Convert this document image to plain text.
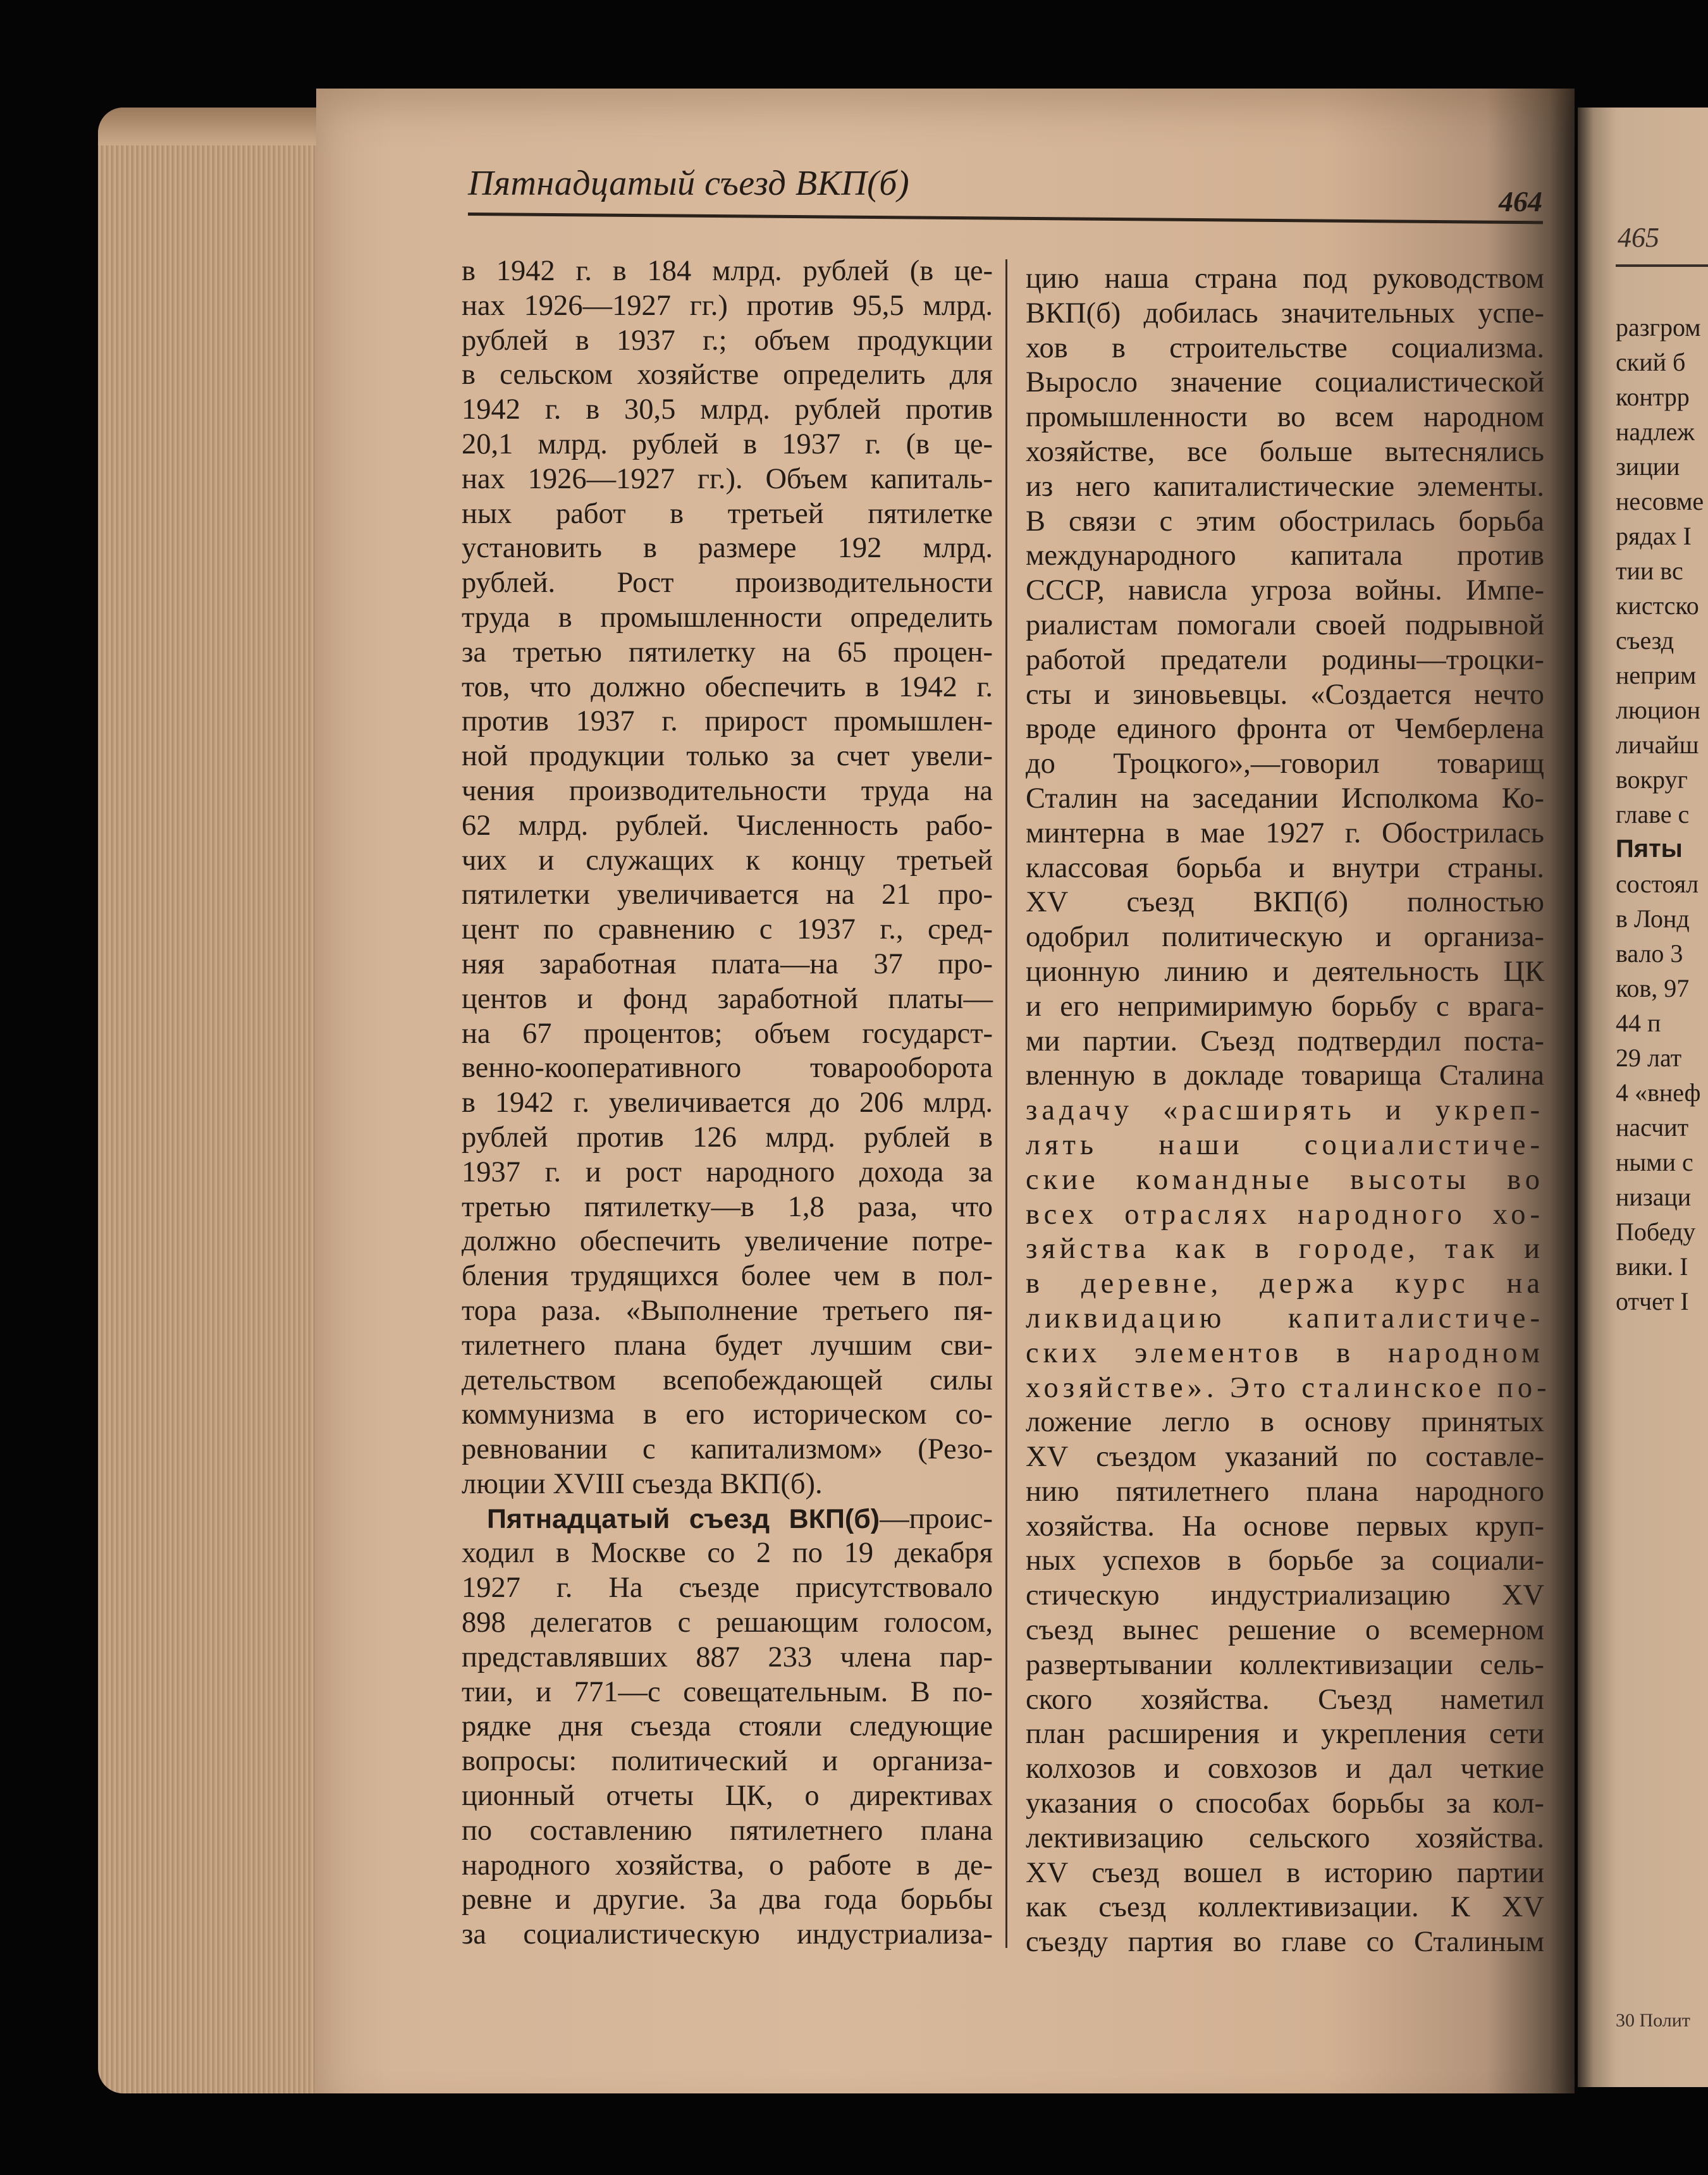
Пятнадцатый съезд ВКП(б)	464
в 1942 г. в 184 млрд. рублей (в це-
нах 1926—1927 гг.) против 95,5 млрд.
рублей в 1937 г.; объем продукции
в сельском хозяйстве определить для
1942 г. в 30,5 млрд. рублей против
20,1 млрд. рублей в 1937 г. (в це-
нах 1926—1927 гг.). Объем капиталь-
ных работ в третьей пятилетке
установить в размере 192 млрд.
рублей. Рост производительности
труда в промышленности определить
за третью пятилетку на 65 процен-
тов, что должно обеспечить в 1942 г.
против 1937 г. прирост промышлен-
ной продукции только за счет увели-
чения производительности труда на
62 млрд. рублей. Численность рабо-
чих и служащих к концу третьей
пятилетки увеличивается на 21 про-
цент по сравнению с 1937 г., сред-
няя заработная плата—на 37 про-
центов и фонд заработной платы—
на 67 процентов; объем государст-
венно-кооперативного товарооборота
в 1942 г. увеличивается до 206 млрд.
рублей против 126 млрд. рублей в
1937 г. и рост народного дохода за
третью пятилетку—в 1,8 раза, что
должно обеспечить увеличение потре-
бления трудящихся более чем в пол-
тора раза. «Выполнение третьего пя-
тилетнего плана будет лучшим сви-
детельством всепобеждающей силы
коммунизма в его историческом со-
ревновании с капитализмом» (Резо-
люции XVIII съезда ВКП(б).
Пятнадцатый съезд ВКП(б)—проис-
ходил в Москве со 2 по 19 декабря
1927 г. На съезде присутствовало
898 делегатов с решающим голосом,
представлявших 887 233 члена пар-
тии, и 771—с совещательным. В по-
рядке дня съезда стояли следующие
вопросы: политический и организа-
ционный отчеты ЦК, о директивах
по составлению пятилетнего плана
народного хозяйства, о работе в де-
ревне и другие. За два года борьбы
за социалистическую индустриализа-
цию наша страна под руководством
ВКП(б) добилась значительных успе-
хов в строительстве социализма.
Выросло значение социалистической
промышленности во всем народном
хозяйстве, все больше вытеснялись
из него капиталистические элементы.
В связи с этим обострилась борьба
международного капитала против
СССР, нависла угроза войны. Импе-
риалистам помогали своей подрывной
работой предатели родины—троцки-
сты и зиновьевцы. «Создается нечто
вроде единого фронта от Чемберлена
до Троцкого»,—говорил товарищ
Сталин на заседании Исполкома Ко-
минтерна в мае 1927 г. Обострилась
классовая борьба и внутри страны.
XV съезд ВКП(б) полностью
одобрил политическую и организа-
ционную линию и деятельность ЦК
и его непримиримую борьбу с врага-
ми партии. Съезд подтвердил поста-
вленную в докладе товарища Сталина
задачу «расширять и укреп-
лять наши социалистиче-
ские командные высоты во
всех отраслях народного хо-
зяйства как в городе, так и
в деревне, держа курс на
ликвидацию капиталистиче-
ских элементов в народном
хозяйстве». Это сталинское по-
ложение легло в основу принятых
XV съездом указаний по составле-
нию пятилетнего плана народного
хозяйства. На основе первых круп-
ных успехов в борьбе за социали-
стическую индустриализацию XV
съезд вынес решение о всемерном
развертывании коллективизации сель-
ского хозяйства. Съезд наметил
план расширения и укрепления сети
колхозов и совхозов и дал четкие
указания о способах борьбы за кол-
лективизацию сельского хозяйства.
XV съезд вошел в историю партии
как съезд коллективизации. К XV
съезду партия во главе со Сталиным
465
разгром
ский б
контрр
надлеж
зиции
несовме
рядах I
тии вс
кистско
съезд
неприм
люцион
личайш
вокруг
главе с
Пяты
состоял
в Лонд
вало 3
ков, 97
44 п
29 лат
4 «внеф
насчит
ными с
низаци
Победу
вики. I
отчет I
30 Полит
